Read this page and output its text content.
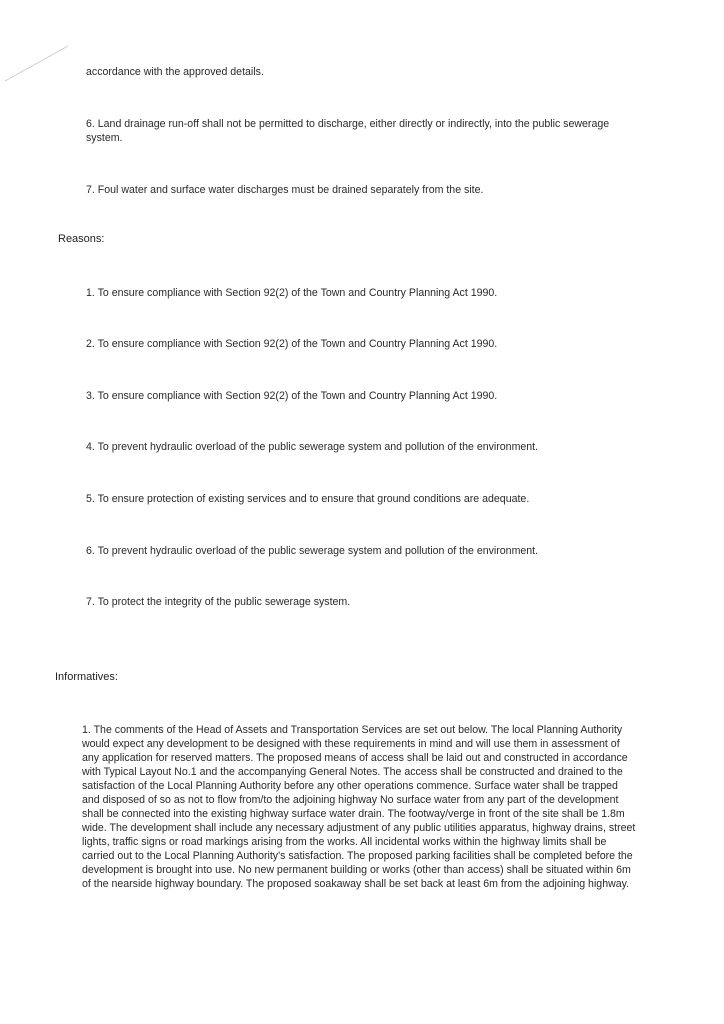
accordance with the approved details.
6. Land drainage run-off shall not be permitted to discharge, either directly or indirectly, into the public sewerage
system.
7. Foul water and surface water discharges must be drained separately from the site.
Reasons:
1. To ensure compliance with Section 92(2) of the Town and Country Planning Act 1990.
2. To ensure compliance with Section 92(2) of the Town and Country Planning Act 1990.
3. To ensure compliance with Section 92(2) of the Town and Country Planning Act 1990.
4. To prevent hydraulic overload of the public sewerage system and pollution of the environment.
5. To ensure protection of existing services and to ensure that ground conditions are adequate.
6. To prevent hydraulic overload of the public sewerage system and pollution of the environment.
7. To protect the integrity of the public sewerage system.
Informatives:
1. The comments of the Head of Assets and Transportation Services are set out below. The local Planning Authority
would expect any development to be designed with these requirements in mind and will use them in assessment of
any application for reserved matters. The proposed means of access shall be laid out and constructed in accordance
with Typical Layout No.1 and the accompanying General Notes. The access shall be constructed and drained to the
satisfaction of the Local Planning Authority before any other operations commence. Surface water shall be trapped
and disposed of so as not to flow from/to the adjoining highway No surface water from any part of the development
shall be connected into the existing highway surface water drain. The footway/verge in front of the site shall be 1.8m
wide. The development shall include any necessary adjustment of any public utilities apparatus, highway drains, street
lights, traffic signs or road markings arising from the works. All incidental works within the highway limits shall be
carried out to the Local Planning Authority's satisfaction. The proposed parking facilities shall be completed before the
development is brought into use. No new permanent building or works (other than access) shall be situated within 6m
of the nearside highway boundary. The proposed soakaway shall be set back at least 6m from the adjoining highway.
